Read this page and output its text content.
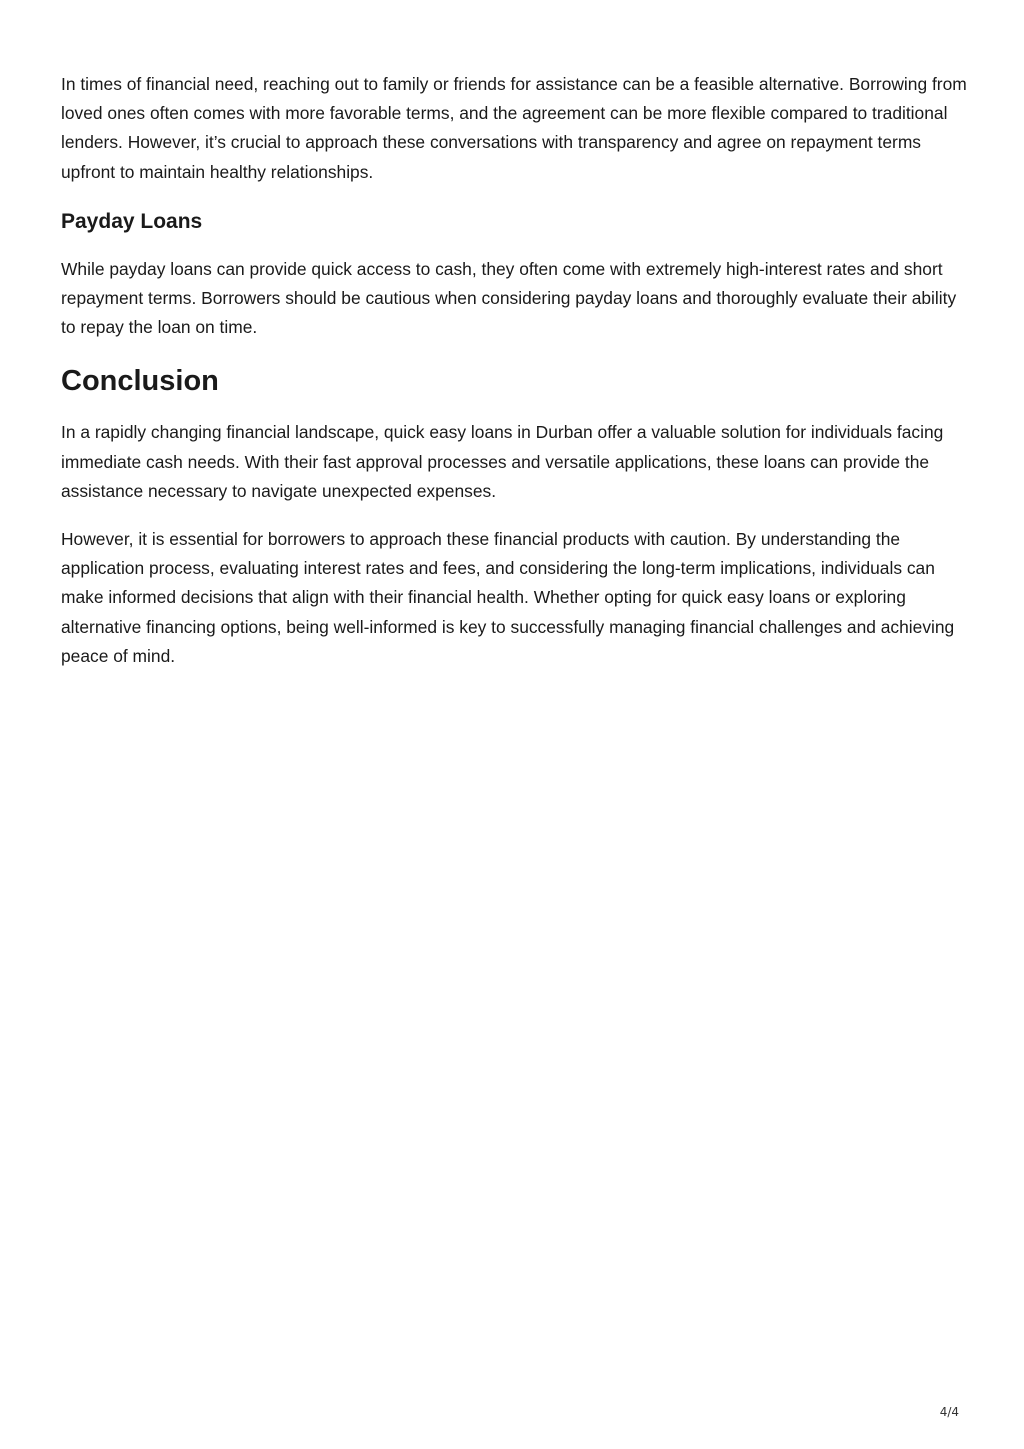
In times of financial need, reaching out to family or friends for assistance can be a feasible alternative. Borrowing from loved ones often comes with more favorable terms, and the agreement can be more flexible compared to traditional lenders. However, it’s crucial to approach these conversations with transparency and agree on repayment terms upfront to maintain healthy relationships.

Payday Loans

While payday loans can provide quick access to cash, they often come with extremely high-interest rates and short repayment terms. Borrowers should be cautious when considering payday loans and thoroughly evaluate their ability to repay the loan on time.

Conclusion

In a rapidly changing financial landscape, quick easy loans in Durban offer a valuable solution for individuals facing immediate cash needs. With their fast approval processes and versatile applications, these loans can provide the assistance necessary to navigate unexpected expenses.

However, it is essential for borrowers to approach these financial products with caution. By understanding the application process, evaluating interest rates and fees, and considering the long-term implications, individuals can make informed decisions that align with their financial health. Whether opting for quick easy loans or exploring alternative financing options, being well-informed is key to successfully managing financial challenges and achieving peace of mind.

4/4
